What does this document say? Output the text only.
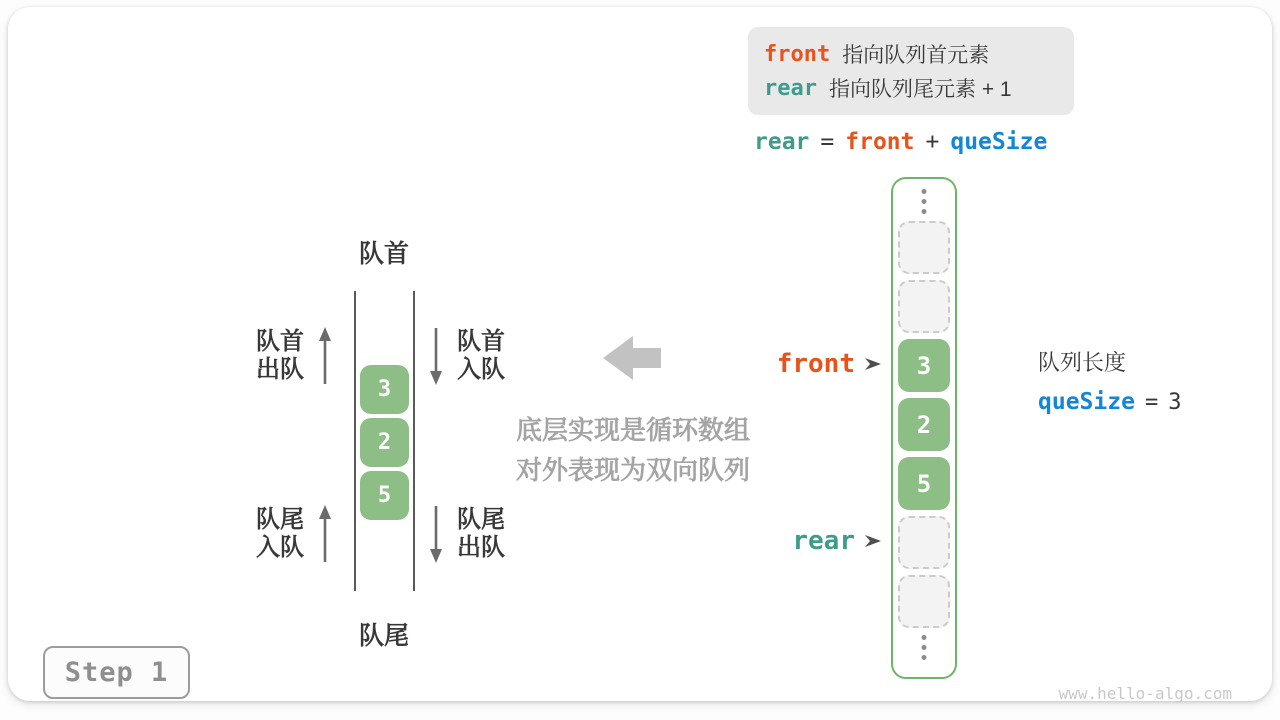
front 指向队列首元素
rear 指向队列尾元素 + 1
rear = front + queSize
队首
3
2
5
队尾
队首
出队
队首
入队
队尾
入队
队尾
出队
底层实现是循环数组
对外表现为双向队列
3
2
5
front
rear
队列长度
queSize = 3
Step 1
www.hello-algo.com
